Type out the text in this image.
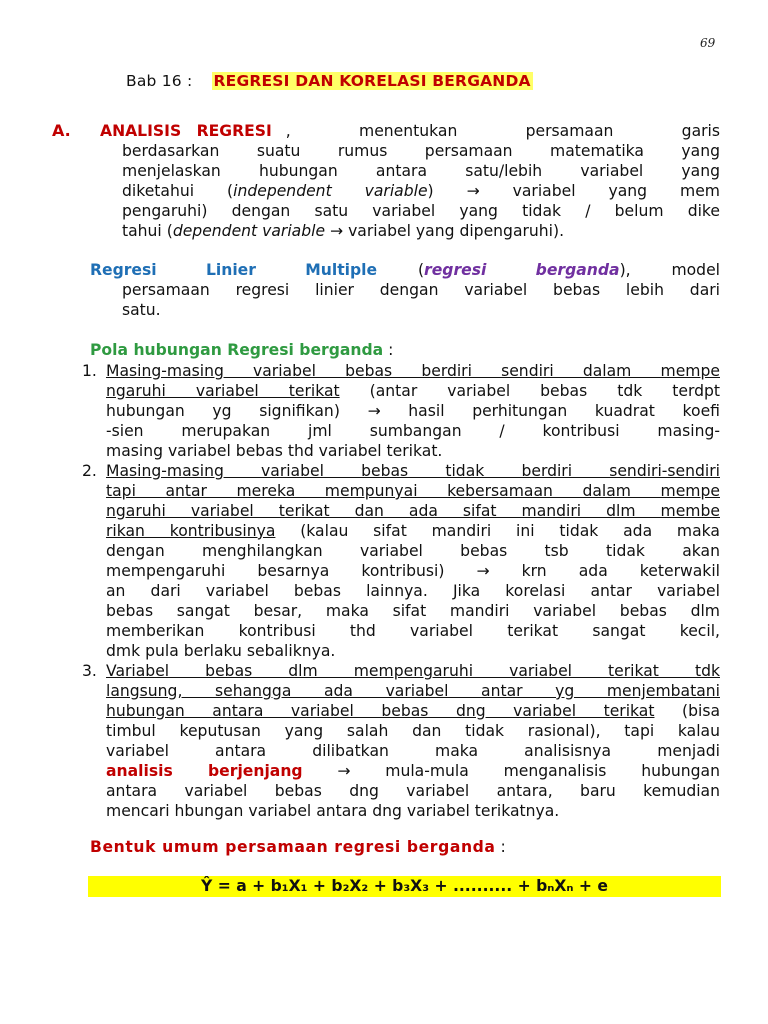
69
Bab 16 : REGRESI DAN KORELASI BERGANDA

A.	ANALISIS REGRESI , menentukan persamaan garis

berdasarkan suatu rumus persamaan matematika yang

menjelaskan hubungan antara satu/lebih variabel yang

diketahui (independent variable) → variabel yang mem

pengaruhi) dengan satu variabel yang tidak / belum dike

tahui (dependent variable → variabel yang dipengaruhi).

Regresi Linier Multiple (regresi berganda), model

persamaan regresi linier dengan variabel bebas lebih dari

satu.

Pola hubungan Regresi berganda :

1. Masing-masing variabel bebas berdiri sendiri dalam mempe

ngaruhi variabel terikat (antar variabel bebas tdk terdpt

hubungan yg signifikan) → hasil perhitungan kuadrat koefi

-sien merupakan jml sumbangan / kontribusi masing-

masing variabel bebas thd variabel terikat.

2. Masing-masing variabel bebas tidak berdiri sendiri-sendiri

tapi antar mereka mempunyai kebersamaan dalam mempe

ngaruhi variabel terikat dan ada sifat mandiri dlm membe

rikan kontribusinya (kalau sifat mandiri ini tidak ada maka

dengan menghilangkan variabel bebas tsb tidak akan

mempengaruhi besarnya kontribusi) → krn ada keterwakil

an dari variabel bebas lainnya. Jika korelasi antar variabel

bebas sangat besar, maka sifat mandiri variabel bebas dlm

memberikan kontribusi thd variabel terikat sangat kecil,

dmk pula berlaku sebaliknya.

3. Variabel bebas dlm mempengaruhi variabel terikat tdk

langsung, sehangga ada variabel antar yg menjembatani

hubungan antara variabel bebas dng variabel terikat (bisa

timbul keputusan yang salah dan tidak rasional), tapi kalau

variabel antara dilibatkan maka analisisnya menjadi

analisis berjenjang → mula-mula menganalisis hubungan

antara variabel bebas dng variabel antara, baru kemudian

mencari hbungan variabel antara dng variabel terikatnya.

Bentuk umum persamaan regresi berganda :

Ŷ = a + b₁X₁ + b₂X₂ + b₃X₃ + .......... + bₙXₙ + e
